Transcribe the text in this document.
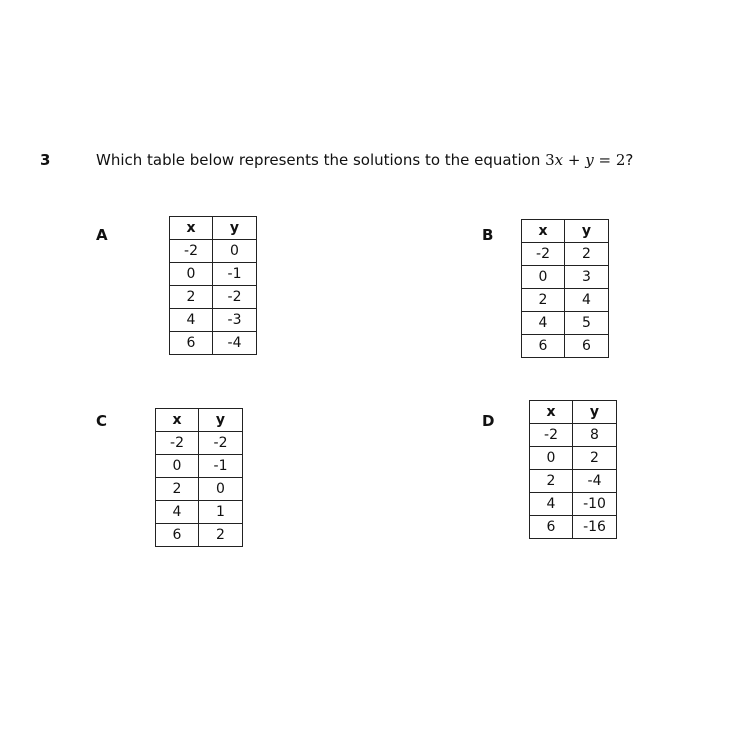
3	Which table below represents the solutions to the equation 3x + y = 2?
A	x	y
-2	0
0	-1
2	-2
4	-3
6	-4
B	x	y
-2	2
0	3
2	4
4	5
6	6
C	x	y
-2	-2
0	-1
2	0
4	1
6	2
D	x	y
-2	8
0	2
2	-4
4	-10
6	-16
